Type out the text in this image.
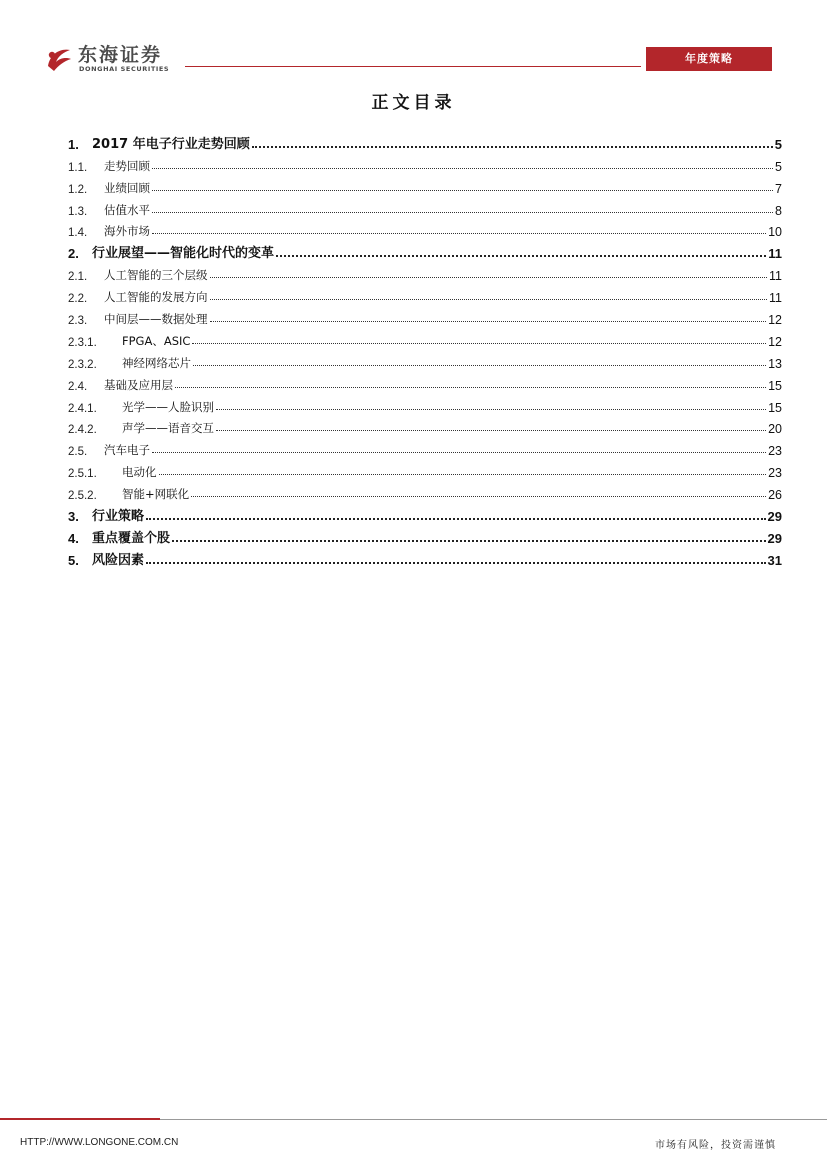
东海证券
DONGHAI SECURITIES
年度策略
正文目录
1.	2017 年电子行业走势回顾	5
1.1.	走势回顾	5
1.2.	业绩回顾	7
1.3.	估值水平	8
1.4.	海外市场	10
2.	行业展望——智能化时代的变革	11
2.1.	人工智能的三个层级	11
2.2.	人工智能的发展方向	11
2.3.	中间层——数据处理	12
2.3.1.	FPGA、ASIC	12
2.3.2.	神经网络芯片	13
2.4.	基础及应用层	15
2.4.1.	光学——人脸识别	15
2.4.2.	声学——语音交互	20
2.5.	汽车电子	23
2.5.1.	电动化	23
2.5.2.	智能+网联化	26
3.	行业策略	29
4.	重点覆盖个股	29
5.	风险因素	31
HTTP://WWW.LONGONE.COM.CN	市场有风险，投资需谨慎
